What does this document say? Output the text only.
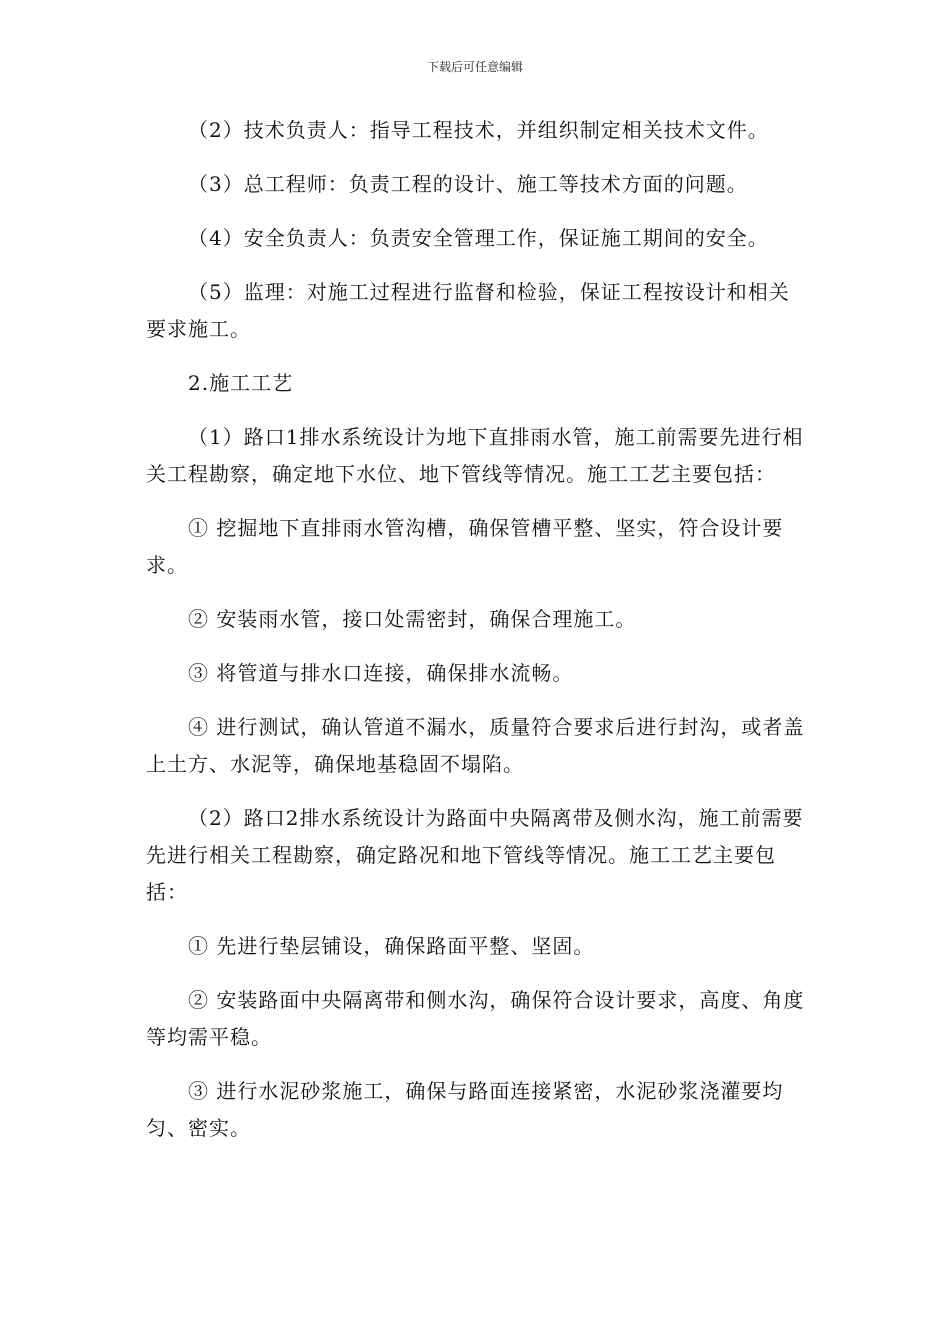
下载后可任意编辑

（2）技术负责人：指导工程技术，并组织制定相关技术文件。

（3）总工程师：负责工程的设计、施工等技术方面的问题。

（4）安全负责人：负责安全管理工作，保证施工期间的安全。

（5）监理：对施工过程进行监督和检验，保证工程按设计和相关要求施工。

2.施工工艺

（1）路口1排水系统设计为地下直排雨水管，施工前需要先进行相关工程勘察，确定地下水位、地下管线等情况。施工工艺主要包括：

① 挖掘地下直排雨水管沟槽，确保管槽平整、坚实，符合设计要求。

② 安装雨水管，接口处需密封，确保合理施工。

③ 将管道与排水口连接，确保排水流畅。

④ 进行测试，确认管道不漏水，质量符合要求后进行封沟，或者盖上土方、水泥等，确保地基稳固不塌陷。

（2）路口2排水系统设计为路面中央隔离带及侧水沟，施工前需要先进行相关工程勘察，确定路况和地下管线等情况。施工工艺主要包括：

① 先进行垫层铺设，确保路面平整、坚固。

② 安装路面中央隔离带和侧水沟，确保符合设计要求，高度、角度等均需平稳。

③ 进行水泥砂浆施工，确保与路面连接紧密，水泥砂浆浇灌要均匀、密实。
